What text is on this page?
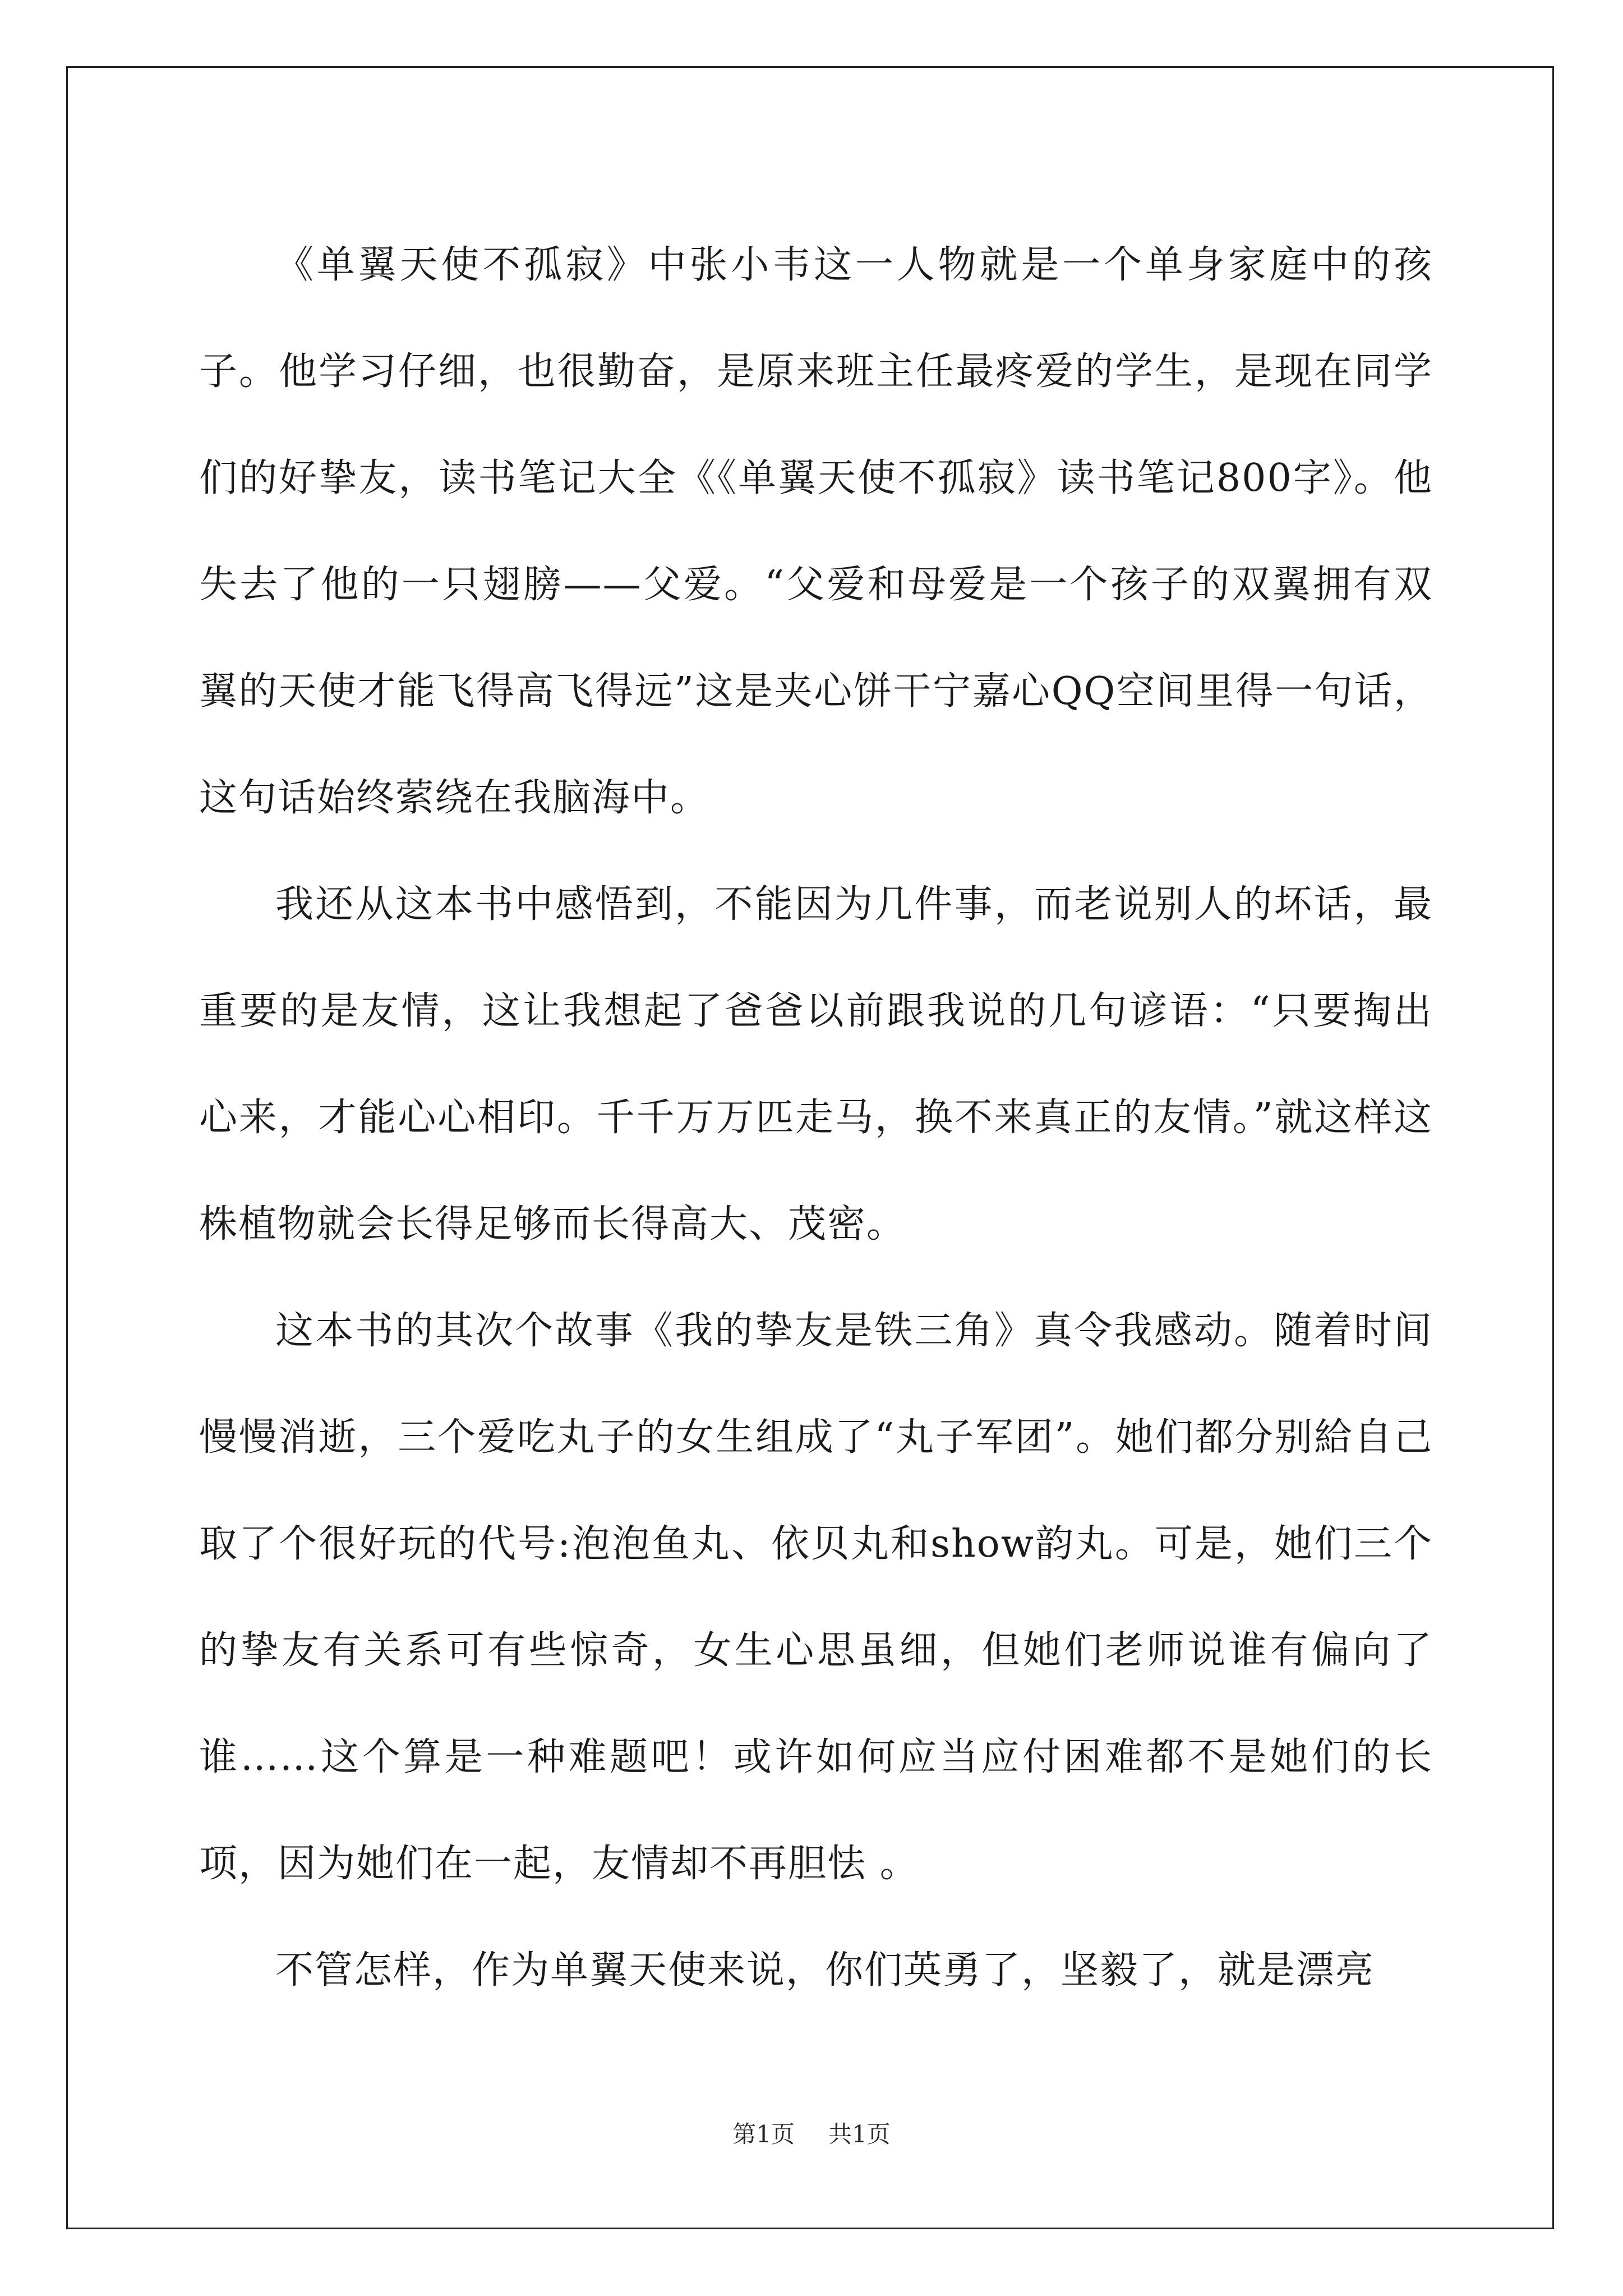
《单翼天使不孤寂》中张小韦这一人物就是一个单身家庭中的孩子。他学习仔细，也很勤奋，是原来班主任最疼爱的学生，是现在同学们的好挚友，读书笔记大全《《单翼天使不孤寂》读书笔记800字》。他失去了他的一只翅膀——父爱。“父爱和母爱是一个孩子的双翼拥有双翼的天使才能飞得高飞得远”这是夹心饼干宁嘉心QQ空间里得一句话，这句话始终萦绕在我脑海中。

我还从这本书中感悟到，不能因为几件事，而老说别人的坏话，最重要的是友情，这让我想起了爸爸以前跟我说的几句谚语：“只要掏出心来，才能心心相印。千千万万匹走马，换不来真正的友情。”就这样这株植物就会长得足够而长得高大、茂密。

这本书的其次个故事《我的挚友是铁三角》真令我感动。随着时间慢慢消逝，三个爱吃丸子的女生组成了“丸子军团”。她们都分别給自己取了个很好玩的代号:泡泡鱼丸、依贝丸和show韵丸。可是，她们三个的挚友有关系可有些惊奇，女生心思虽细，但她们老师说谁有偏向了谁……这个算是一种难题吧！或许如何应当应付困难都不是她们的长项，因为她们在一起，友情却不再胆怯 。

不管怎样，作为单翼天使来说，你们英勇了，坚毅了，就是漂亮

第1页 共1页
